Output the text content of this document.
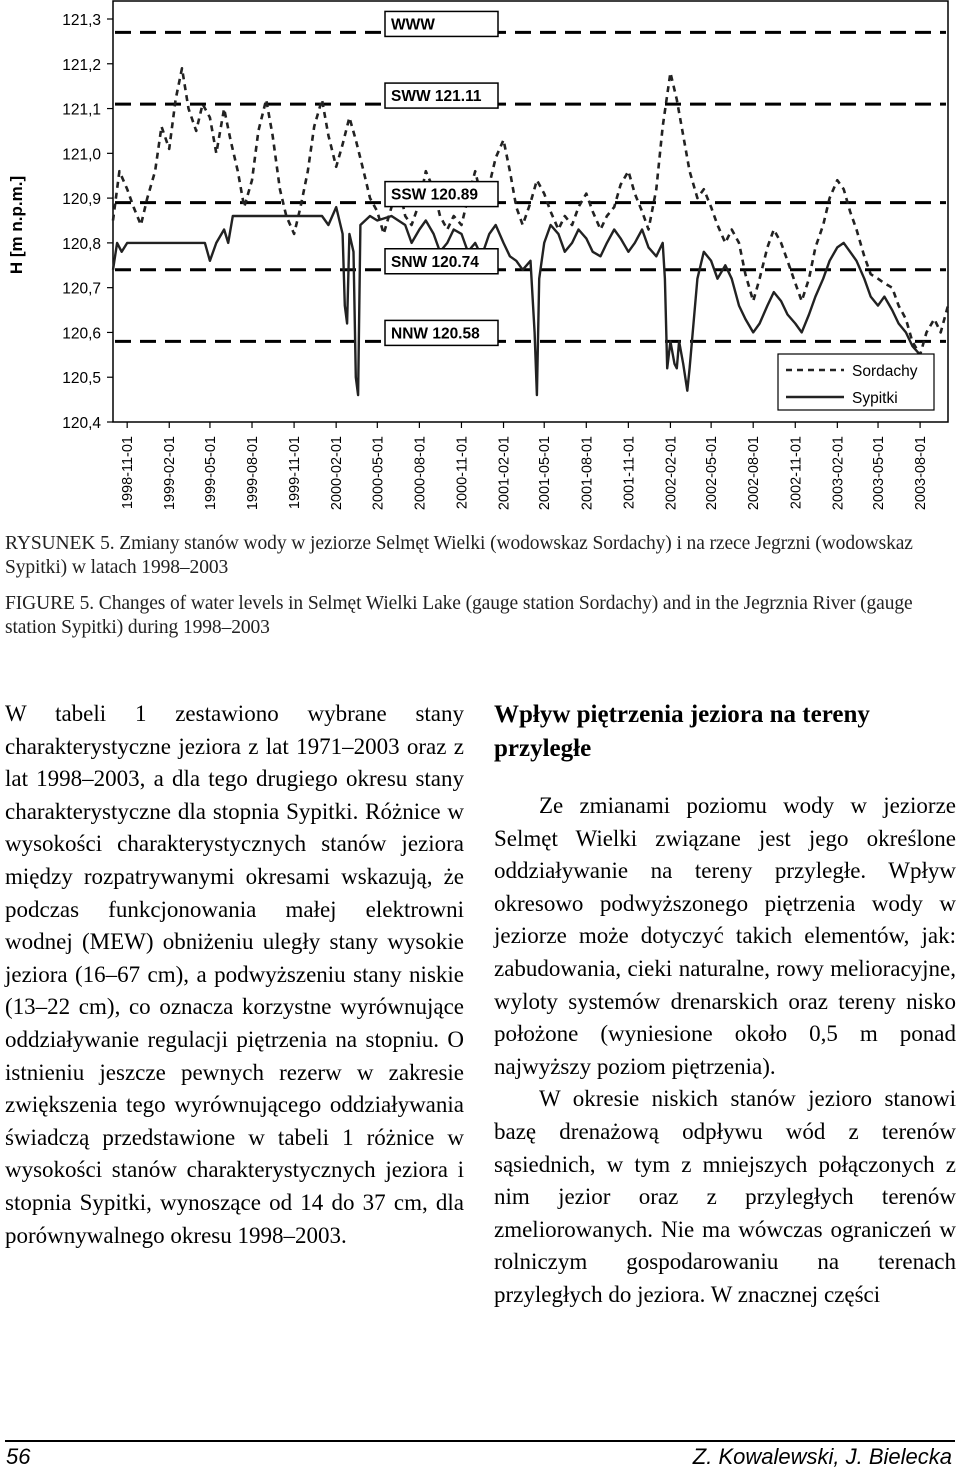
WWW
SWW 121.11
SSW 120.89
SNW 120.74
NNW 120.58
121,3
121,2
121,1
121,0
120,9
120,8
120,7
120,6
120,5
120,4
1998-11-01 1999-02-01 1999-05-01 1999-08-01 1999-11-01 2000-02-01 2000-05-01 2000-08-01 2000-11-01 2001-02-01 2001-05-01 2001-08-01 2001-11-01 2002-02-01 2002-05-01 2002-08-01 2002-11-01 2003-02-01 2003-05-01 2003-08-01
Sordachy
Sypitki
H [m n.p.m.]
RYSUNEK 5. Zmiany stanów wody w jeziorze Selmęt Wielki (wodowskaz Sordachy) i na rzece Jegrzni (wodowskaz Sypitki) w latach 1998–2003
FIGURE 5. Changes of water levels in Selmęt Wielki Lake (gauge station Sordachy) and in the Jegrznia River (gauge station Sypitki) during 1998–2003

W tabeli 1 zestawiono wybrane stany charakterystyczne jeziora z lat 1971–2003 oraz z lat 1998–2003, a dla tego drugiego okresu stany charakterystyczne dla stopnia Sypitki. Różnice w wysokości charakterystycznych stanów jeziora między rozpatrywanymi okresami wskazują, że podczas funkcjonowania małej elektrowni wodnej (MEW) obniżeniu uległy stany wysokie jeziora (16–67 cm), a podwyższeniu stany niskie (13–22 cm), co oznacza korzystne wyrównujące oddziaływanie regulacji piętrzenia na stopniu. O istnieniu jeszcze pewnych rezerw w zakresie zwiększenia tego wyrównującego oddziaływania świadczą przedstawione w tabeli 1 różnice w wysokości stanów charakterystycznych jeziora i stopnia Sypitki, wynoszące od 14 do 37 cm, dla porównywalnego okresu 1998–2003.

Wpływ piętrzenia jeziora na tereny przyległe

Ze zmianami poziomu wody w jeziorze Selmęt Wielki związane jest jego określone oddziaływanie na tereny przyległe. Wpływ okresowo podwyższonego piętrzenia wody w jeziorze może dotyczyć takich elementów, jak: zabudowania, cieki naturalne, rowy melioracyjne, wyloty systemów drenarskich oraz tereny nisko położone (wyniesione około 0,5 m ponad najwyższy poziom piętrzenia).

W okresie niskich stanów jezioro stanowi bazę drenażową odpływu wód z terenów sąsiednich, w tym z mniejszych połączonych z nim jezior oraz z przyległych terenów zmeliorowanych. Nie ma wówczas ograniczeń w rolniczym gospodarowaniu na terenach przyległych do jeziora. W znacznej części

56	Z. Kowalewski, J. Bielecka
